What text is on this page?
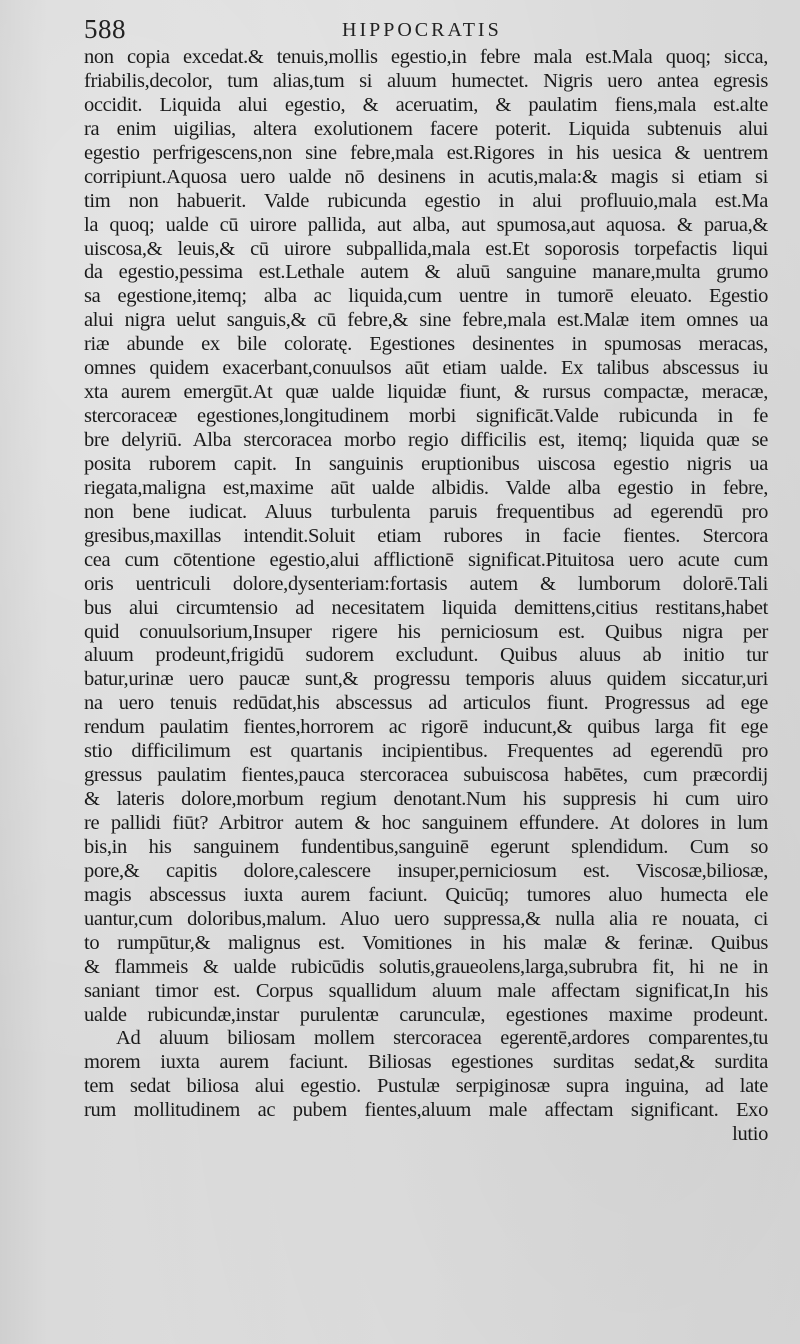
588	HIPPOCRATIS
non copia excedat.& tenuis,mollis egestio,in febre mala est.Mala quoq; sicca,
friabilis,decolor, tum alias,tum si aluum humectet. Nigris uero antea egresis
occidit. Liquida alui egestio, & aceruatim, & paulatim fiens,mala est.alte
ra enim uigilias, altera exolutionem facere poterit. Liquida subtenuis alui
egestio perfrigescens,non sine febre,mala est.Rigores in his uesica & uentrem
corripiunt.Aquosa uero ualde nō desinens in acutis,mala:& magis si etiam si
tim non habuerit. Valde rubicunda egestio in alui profluuio,mala est.Ma
la quoq; ualde cū uirore pallida, aut alba, aut spumosa,aut aquosa. & parua,&
uiscosa,& leuis,& cū uirore subpallida,mala est.Et soporosis torpefactis liqui
da egestio,pessima est.Lethale autem & aluū sanguine manare,multa grumo
sa egestione,itemq; alba ac liquida,cum uentre in tumorē eleuato. Egestio
alui nigra uelut sanguis,& cū febre,& sine febre,mala est.Malæ item omnes ua
riæ abunde ex bile coloratę. Egestiones desinentes in spumosas meracas,
omnes quidem exacerbant,conuulsos aūt etiam ualde. Ex talibus abscessus iu
xta aurem emergūt.At quæ ualde liquidæ fiunt, & rursus compactæ, meracæ,
stercoraceæ egestiones,longitudinem morbi significāt.Valde rubicunda in fe
bre delyriū. Alba stercoracea morbo regio difficilis est, itemq; liquida quæ se
posita ruborem capit. In sanguinis eruptionibus uiscosa egestio nigris ua
riegata,maligna est,maxime aūt ualde albidis. Valde alba egestio in febre,
non bene iudicat. Aluus turbulenta paruis frequentibus ad egerendū pro
gresibus,maxillas intendit.Soluit etiam rubores in facie fientes. Stercora
cea cum cōtentione egestio,alui afflictionē significat.Pituitosa uero acute cum
oris uentriculi dolore,dysenteriam:fortasis autem & lumborum dolorē.Tali
bus alui circumtensio ad necesitatem liquida demittens,citius restitans,habet
quid conuulsorium,Insuper rigere his perniciosum est. Quibus nigra per
aluum prodeunt,frigidū sudorem excludunt. Quibus aluus ab initio tur
batur,urinæ uero paucæ sunt,& progressu temporis aluus quidem siccatur,uri
na uero tenuis redūdat,his abscessus ad articulos fiunt. Progressus ad ege
rendum paulatim fientes,horrorem ac rigorē inducunt,& quibus larga fit ege
stio difficilimum est quartanis incipientibus. Frequentes ad egerendū pro
gressus paulatim fientes,pauca stercoracea subuiscosa habētes, cum præcordij
& lateris dolore,morbum regium denotant.Num his suppresis hi cum uiro
re pallidi fiūt? Arbitror autem & hoc sanguinem effundere. At dolores in lum
bis,in his sanguinem fundentibus,sanguinē egerunt splendidum. Cum so
pore,& capitis dolore,calescere insuper,perniciosum est. Viscosæ,biliosæ,
magis abscessus iuxta aurem faciunt. Quicūq; tumores aluo humecta ele
uantur,cum doloribus,malum. Aluo uero suppressa,& nulla alia re nouata, ci
to rumpūtur,& malignus est. Vomitiones in his malæ & ferinæ. Quibus
& flammeis & ualde rubicūdis solutis,graueolens,larga,subrubra fit, hi ne in
saniant timor est. Corpus squallidum aluum male affectam significat,In his
ualde rubicundæ,instar purulentæ carunculæ, egestiones maxime prodeunt.
Ad aluum biliosam mollem stercoracea egerentē,ardores comparentes,tu
morem iuxta aurem faciunt. Biliosas egestiones surditas sedat,& surdita
tem sedat biliosa alui egestio. Pustulæ serpiginosæ supra inguina, ad late
rum mollitudinem ac pubem fientes,aluum male affectam significant. Exo
lutio
